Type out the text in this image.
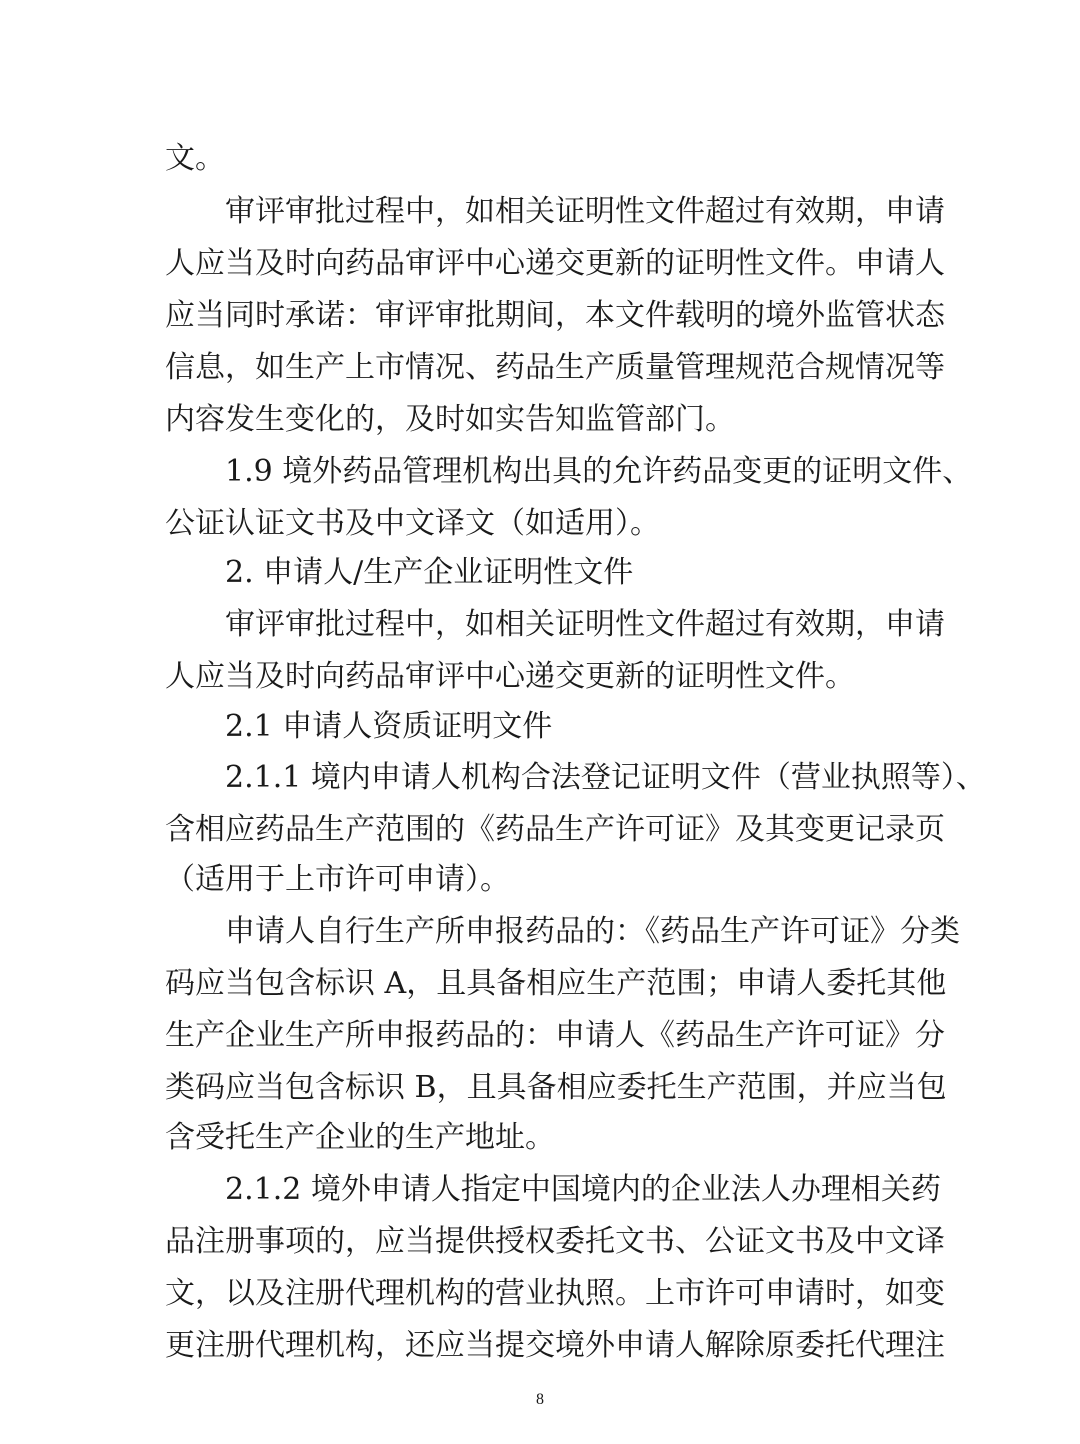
文。
审评审批过程中，如相关证明性文件超过有效期，申请
人应当及时向药品审评中心递交更新的证明性文件。申请人
应当同时承诺：审评审批期间，本文件载明的境外监管状态
信息，如生产上市情况、药品生产质量管理规范合规情况等
内容发生变化的，及时如实告知监管部门。
1.9 境外药品管理机构出具的允许药品变更的证明文件、
公证认证文书及中文译文（如适用）。
2. 申请人/生产企业证明性文件
审评审批过程中，如相关证明性文件超过有效期，申请
人应当及时向药品审评中心递交更新的证明性文件。
2.1 申请人资质证明文件
2.1.1 境内申请人机构合法登记证明文件（营业执照等）、
含相应药品生产范围的《药品生产许可证》及其变更记录页
（适用于上市许可申请）。
申请人自行生产所申报药品的：《药品生产许可证》分类
码应当包含标识 A，且具备相应生产范围；申请人委托其他
生产企业生产所申报药品的：申请人《药品生产许可证》分
类码应当包含标识 B，且具备相应委托生产范围，并应当包
含受托生产企业的生产地址。
2.1.2 境外申请人指定中国境内的企业法人办理相关药
品注册事项的，应当提供授权委托文书、公证文书及中文译
文，以及注册代理机构的营业执照。上市许可申请时，如变
更注册代理机构，还应当提交境外申请人解除原委托代理注
8
